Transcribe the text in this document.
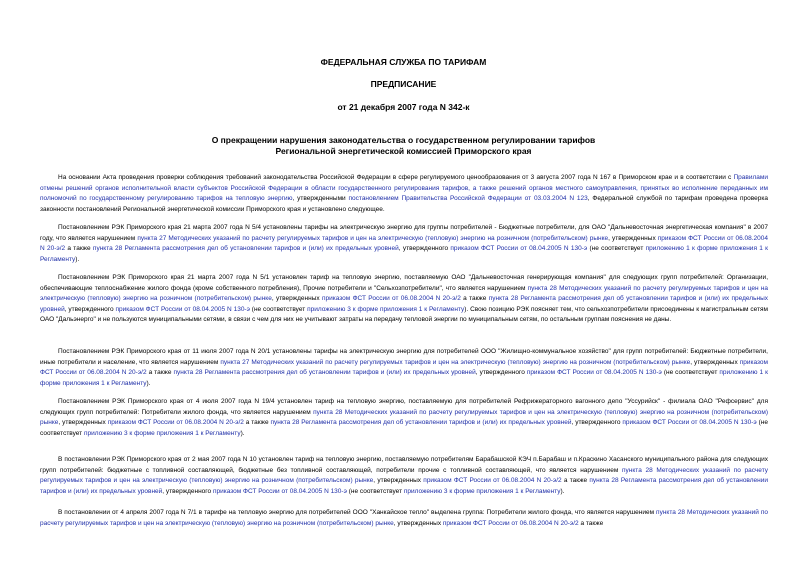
ФЕДЕРАЛЬНАЯ СЛУЖБА ПО ТАРИФАМ
ПРЕДПИСАНИЕ
от 21 декабря 2007 года N 342-к
О прекращении нарушения законодательства о государственном регулировании тарифов
Региональной энергетической комиссией Приморского края

На основании Акта проведения проверки соблюдения требований законодательства Российской Федерации в сфере регулируемого ценообразования от 3 августа 2007 года N 167 в Приморском крае и в соответствии с Правилами отмены решений органов исполнительной власти субъектов Российской Федерации в области государственного регулирования тарифов, а также решений органов местного самоуправления, принятых во исполнение переданных им полномочий по государственному регулированию тарифов на тепловую энергию, утвержденными постановлением Правительства Российской Федерации от 03.03.2004 N 123, Федеральной службой по тарифам проведена проверка законности постановлений Региональной энергетической комиссии Приморского края и установлено следующее.

Постановлением РЭК Приморского края 21 марта 2007 года N 5/4 установлены тарифы на электрическую энергию для группы потребителей - Бюджетные потребители, для ОАО "Дальневосточная энергетическая компания" в 2007 году, что является нарушением пункта 27 Методических указаний по расчету регулируемых тарифов и цен на электрическую (тепловую) энергию на розничном (потребительском) рынке, утвержденных приказом ФСТ России от 06.08.2004 N 20-э/2 а также пункта 28 Регламента рассмотрения дел об установлении тарифов и (или) их предельных уровней, утвержденного приказом ФСТ России от 08.04.2005 N 130-э (не соответствует приложению 1 к форме приложения 1 к Регламенту).

Постановлением РЭК Приморского края 21 марта 2007 года N 5/1 установлен тариф на тепловую энергию, поставляемую ОАО "Дальневосточная генерирующая компания" для следующих групп потребителей: Организации, обеспечивающие теплоснабжение жилого фонда (кроме собственного потребления), Прочие потребители и "Сельхозпотребители", что является нарушением пункта 28 Методических указаний по расчету регулируемых тарифов и цен на электрическую (тепловую) энергию на розничном (потребительском) рынке, утвержденных приказом ФСТ России от 06.08.2004 N 20-э/2 а также пункта 28 Регламента рассмотрения дел об установлении тарифов и (или) их предельных уровней, утвержденного приказом ФСТ России от 08.04.2005 N 130-э (не соответствует приложению 3 к форме приложения 1 к Регламенту). Свою позицию РЭК поясняет тем, что сельхозпотребители присоединены к магистральным сетям ОАО "Дальэнерго" и не пользуются муниципальными сетями, в связи с чем для них не учитывают затраты на передачу тепловой энергии по муниципальным сетям, по остальным группам пояснения не даны.

Постановлением РЭК Приморского края от 11 июля 2007 года N 20/1 установлены тарифы на электрическую энергию для потребителей ООО "Жилищно-коммунальное хозяйство" для групп потребителей: Бюджетные потребители, иные потребители и население, что является нарушением пункта 27 Методических указаний по расчету регулируемых тарифов и цен на электрическую (тепловую) энергию на розничном (потребительском) рынке, утвержденных приказом ФСТ России от 06.08.2004 N 20-э/2 а также пункта 28 Регламента рассмотрения дел об установлении тарифов и (или) их предельных уровней, утвержденного приказом ФСТ России от 08.04.2005 N 130-э (не соответствует приложению 1 к форме приложения 1 к Регламенту).

Постановлением РЭК Приморского края от 4 июля 2007 года N 19/4 установлен тариф на тепловую энергию, поставляемую для потребителей Рефрижераторного вагонного депо "Уссурийск" - филиала ОАО "Рефсервис" для следующих групп потребителей: Потребители жилого фонда, что является нарушением пункта 28 Методических указаний по расчету регулируемых тарифов и цен на электрическую (тепловую) энергию на розничном (потребительском) рынке, утвержденных приказом ФСТ России от 06.08.2004 N 20-э/2 а также пункта 28 Регламента рассмотрения дел об установлении тарифов и (или) их предельных уровней, утвержденного приказом ФСТ России от 08.04.2005 N 130-э (не соответствует приложению 3 к форме приложения 1 к Регламенту).

В постановлении РЭК Приморского края от 2 мая 2007 года N 10 установлен тариф на тепловую энергию, поставляемую потребителям Барабашской КЭЧ п.Барабаш и п.Краскино Хасанского муниципального района для следующих групп потребителей: бюджетные с топливной составляющей, бюджетные без топливной составляющей, потребители прочие с топливной составляющей, что является нарушением пункта 28 Методических указаний по расчету регулируемых тарифов и цен на электрическую (тепловую) энергию на розничном (потребительском) рынке, утвержденных приказом ФСТ России от 06.08.2004 N 20-э/2 а также пункта 28 Регламента рассмотрения дел об установлении тарифов и (или) их предельных уровней, утвержденного приказом ФСТ России от 08.04.2005 N 130-э (не соответствует приложению 3 к форме приложения 1 к Регламенту).

В постановлении от 4 апреля 2007 года N 7/1 в тарифе на тепловую энергию для потребителей ООО "Ханкайское тепло" выделена группа: Потребители жилого фонда, что является нарушением пункта 28 Методических указаний по расчету регулируемых тарифов и цен на электрическую (тепловую) энергию на розничном (потребительском) рынке, утвержденных приказом ФСТ России от 06.08.2004 N 20-э/2 а также
